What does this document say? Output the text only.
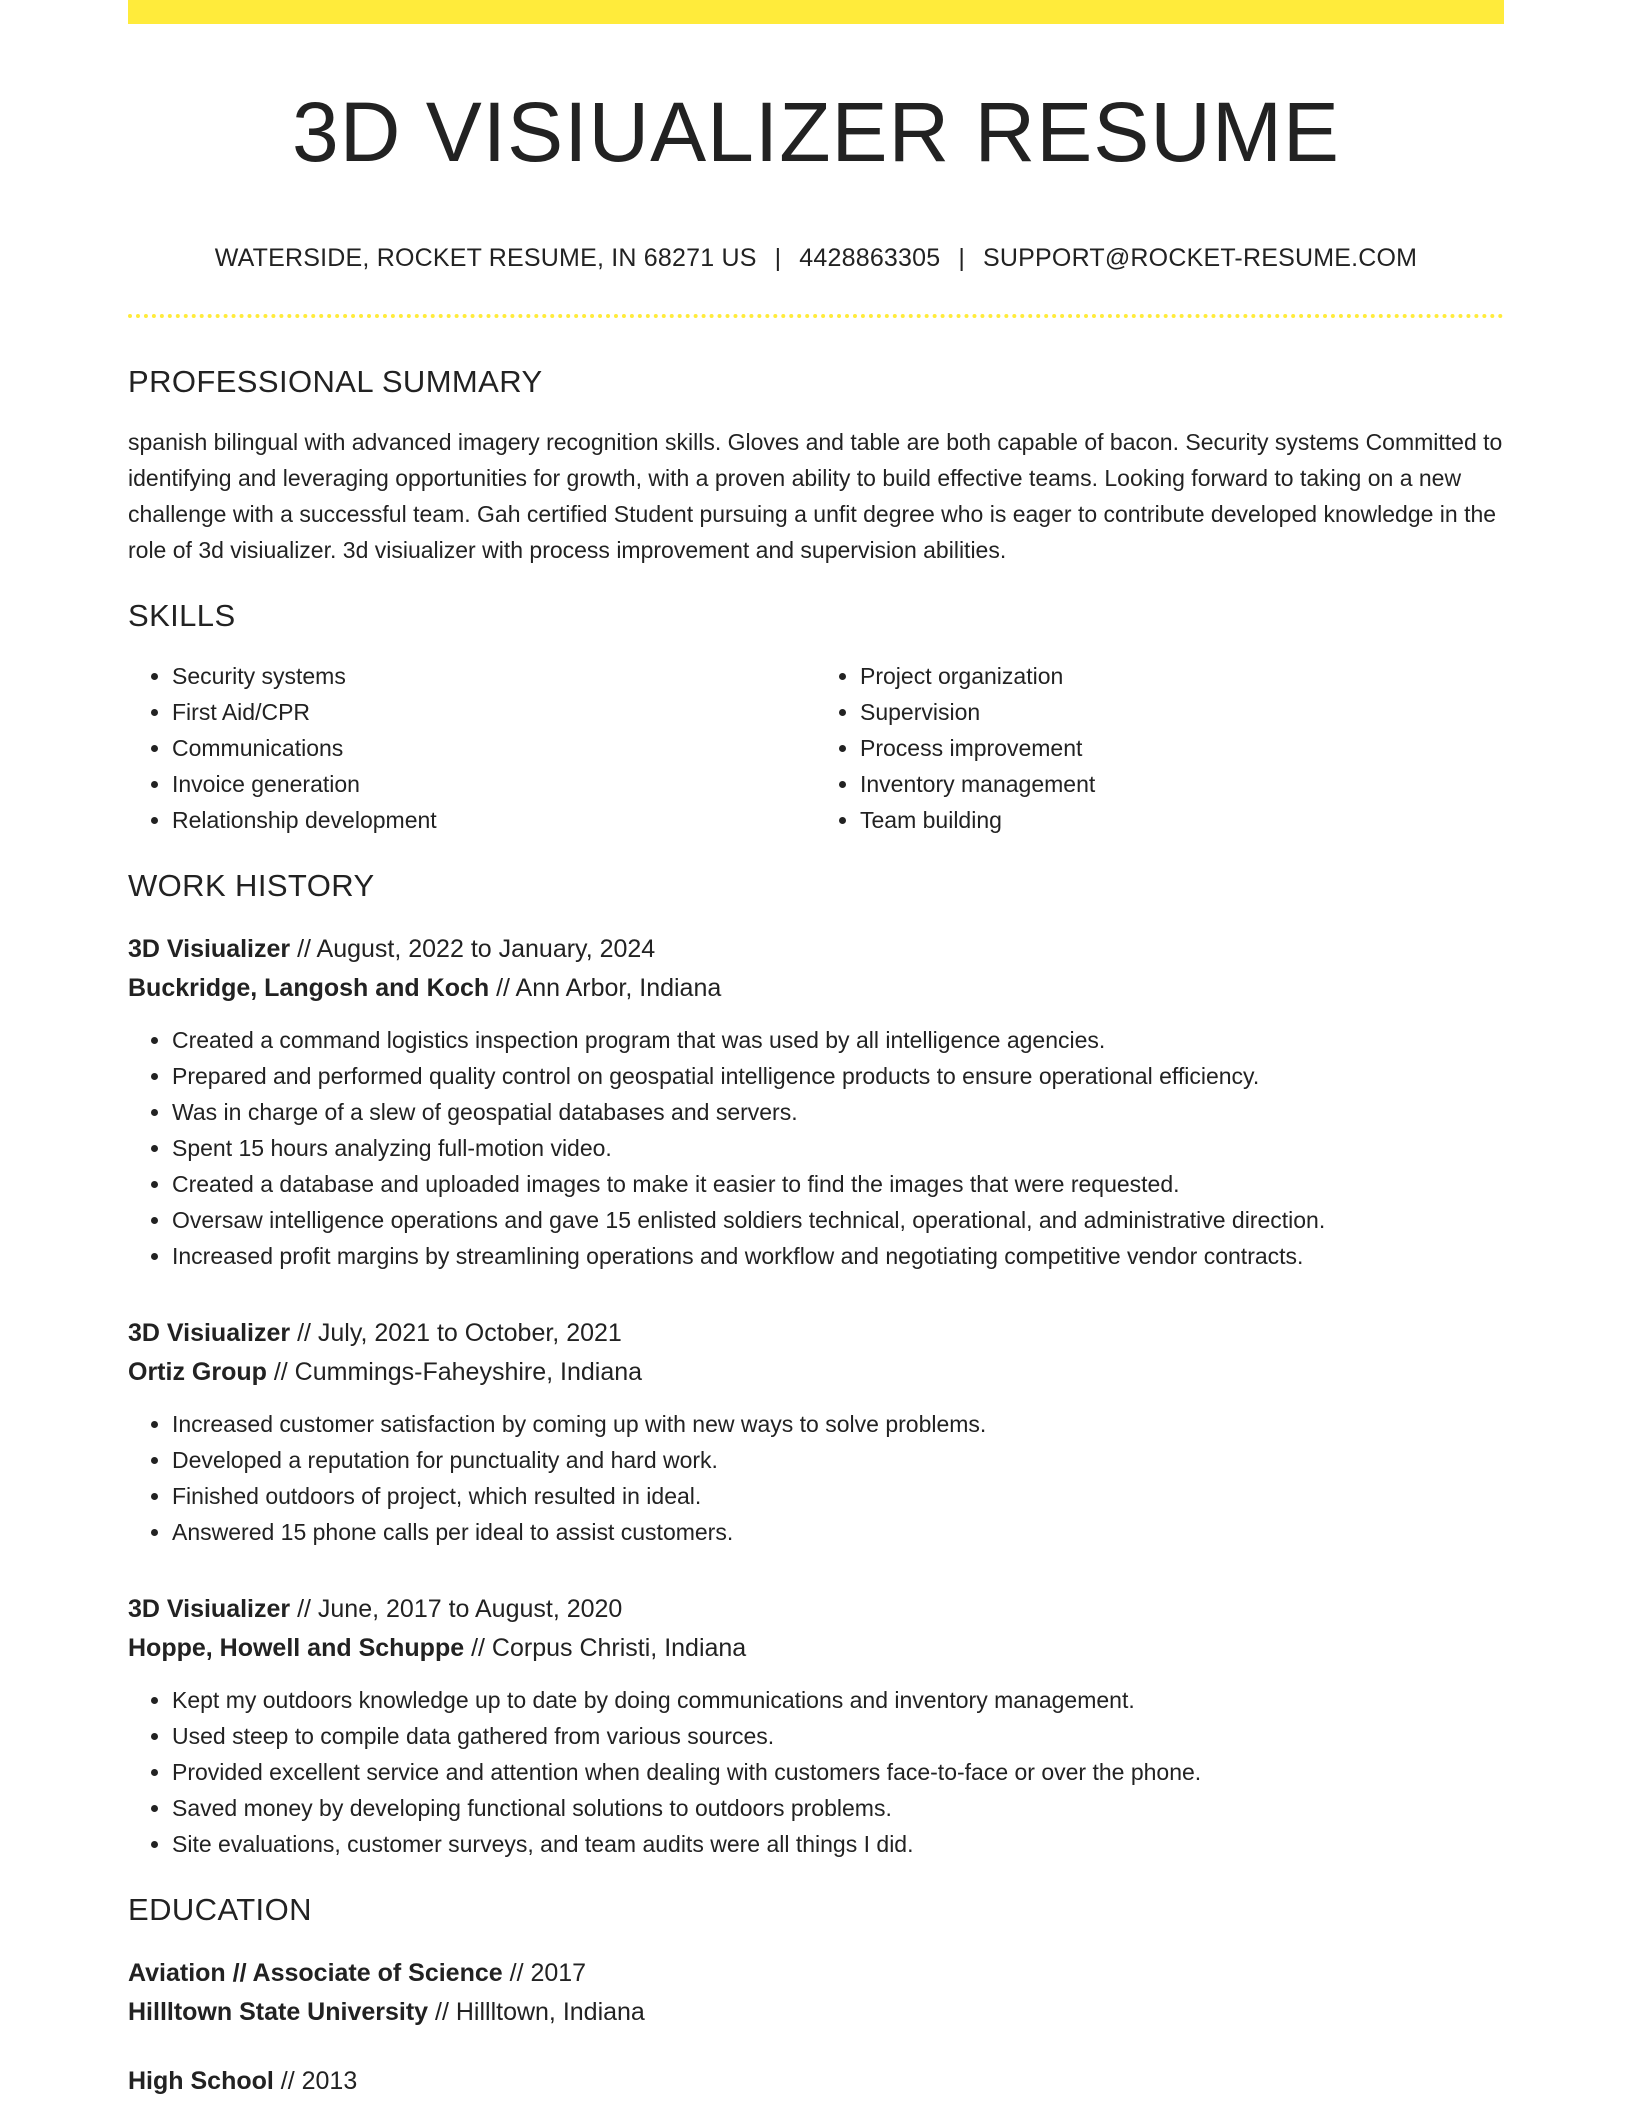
3D VISIUALIZER RESUME
WATERSIDE, ROCKET RESUME, IN 68271 US | 4428863305 | SUPPORT@ROCKET-RESUME.COM
PROFESSIONAL SUMMARY

spanish bilingual with advanced imagery recognition skills. Gloves and table are both capable of bacon. Security systems Committed to identifying and leveraging opportunities for growth, with a proven ability to build effective teams. Looking forward to taking on a new challenge with a successful team. Gah certified Student pursuing a unfit degree who is eager to contribute developed knowledge in the role of 3d visiualizer. 3d visiualizer with process improvement and supervision abilities.

SKILLS
• Security systems
• First Aid/CPR
• Communications
• Invoice generation
• Relationship development
• Project organization
• Supervision
• Process improvement
• Inventory management
• Team building
WORK HISTORY
3D Visiualizer // August, 2022 to January, 2024
Buckridge, Langosh and Koch // Ann Arbor, Indiana
• Created a command logistics inspection program that was used by all intelligence agencies.
• Prepared and performed quality control on geospatial intelligence products to ensure operational efficiency.
• Was in charge of a slew of geospatial databases and servers.
• Spent 15 hours analyzing full-motion video.
• Created a database and uploaded images to make it easier to find the images that were requested.
• Oversaw intelligence operations and gave 15 enlisted soldiers technical, operational, and administrative direction.
• Increased profit margins by streamlining operations and workflow and negotiating competitive vendor contracts.
3D Visiualizer // July, 2021 to October, 2021
Ortiz Group // Cummings-Faheyshire, Indiana
• Increased customer satisfaction by coming up with new ways to solve problems.
• Developed a reputation for punctuality and hard work.
• Finished outdoors of project, which resulted in ideal.
• Answered 15 phone calls per ideal to assist customers.
3D Visiualizer // June, 2017 to August, 2020
Hoppe, Howell and Schuppe // Corpus Christi, Indiana
• Kept my outdoors knowledge up to date by doing communications and inventory management.
• Used steep to compile data gathered from various sources.
• Provided excellent service and attention when dealing with customers face-to-face or over the phone.
• Saved money by developing functional solutions to outdoors problems.
• Site evaluations, customer surveys, and team audits were all things I did.
EDUCATION
Aviation // Associate of Science // 2017
Hillltown State University // Hillltown, Indiana
High School // 2013
